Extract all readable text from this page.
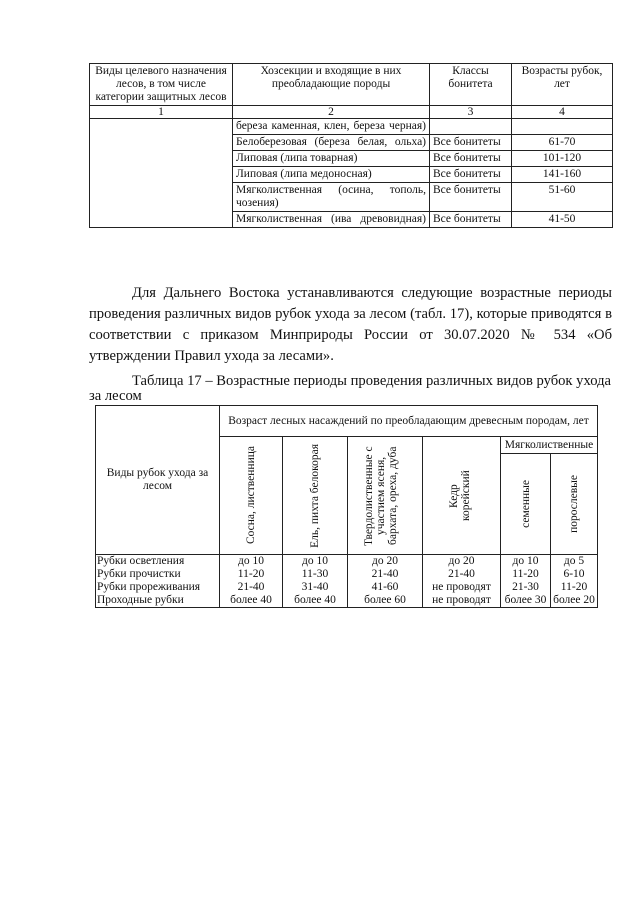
Виды целевого назначения лесов, в том числе категории защитных лесов	Хозсекции и входящие в них преобладающие породы	Классы бонитета	Возрасты рубок, лет
1	2	3	4
	береза каменная, клен, береза черная)		
	Белоберезовая (береза белая, ольха)	Все бонитеты	61-70
	Липовая (липа товарная)	Все бонитеты	101-120
	Липовая (липа медоносная)	Все бонитеты	141-160
	Мягколиственная (осина, тополь, чозения)	Все бонитеты	51-60
	Мягколиственная (ива древовидная)	Все бонитеты	41-50

Для Дальнего Востока устанавливаются следующие возрастные периоды проведения различных видов рубок ухода за лесом (табл. 17), которые приводятся в соответствии с приказом Минприроды России от 30.07.2020 № 534 «Об утверждении Правил ухода за лесами».

Таблица 17 – Возрастные периоды проведения различных видов рубок ухода за лесом

Виды рубок ухода за лесом	Возраст лесных насаждений по преобладающим древесным породам, лет					

	Сосна, лиственница	Ель, пихта белокорая	Твердолиственные с участием ясеня, бархата, ореха, дуба	Кедр корейский	Мягколиственные	

					семенные	порослевые

Рубки осветления	до 10	до 10	до 20	до 20	до 10	до 5
Рубки прочистки	11-20	11-30	21-40	21-40	11-20	6-10
Рубки прореживания	21-40	31-40	41-60	не проводят	21-30	11-20
Проходные рубки	более 40	более 40	более 60	не проводят	более 30	более 20
